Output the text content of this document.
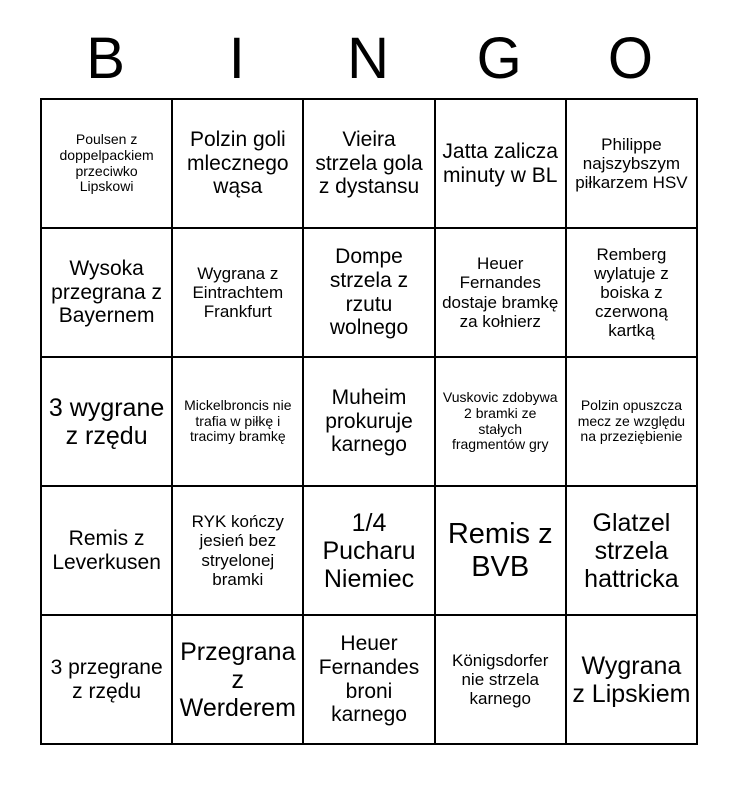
B	I	N	G	O
Poulsen z doppelpackiem przeciwko Lipskowi
Polzin goli mlecznego wąsa
Vieira strzela gola z dystansu
Jatta zalicza minuty w BL
Philippe najszybszym piłkarzem HSV
Wysoka przegrana z Bayernem
Wygrana z Eintrachtem Frankfurt
Dompe strzela z rzutu wolnego
Heuer Fernandes dostaje bramkę za kołnierz
Remberg wylatuje z boiska z czerwoną kartką
3 wygrane z rzędu
Mickelbroncis nie trafia w piłkę i tracimy bramkę
Muheim prokuruje karnego
Vuskovic zdobywa 2 bramki ze stałych fragmentów gry
Polzin opuszcza mecz ze względu na przeziębienie
Remis z Leverkusen
RYK kończy jesień bez stryelonej bramki
1/4 Pucharu Niemiec
Remis z BVB
Glatzel strzela hattricka
3 przegrane z rzędu
Przegrana z Werderem
Heuer Fernandes broni karnego
Königsdorfer nie strzela karnego
Wygrana z Lipskiem
